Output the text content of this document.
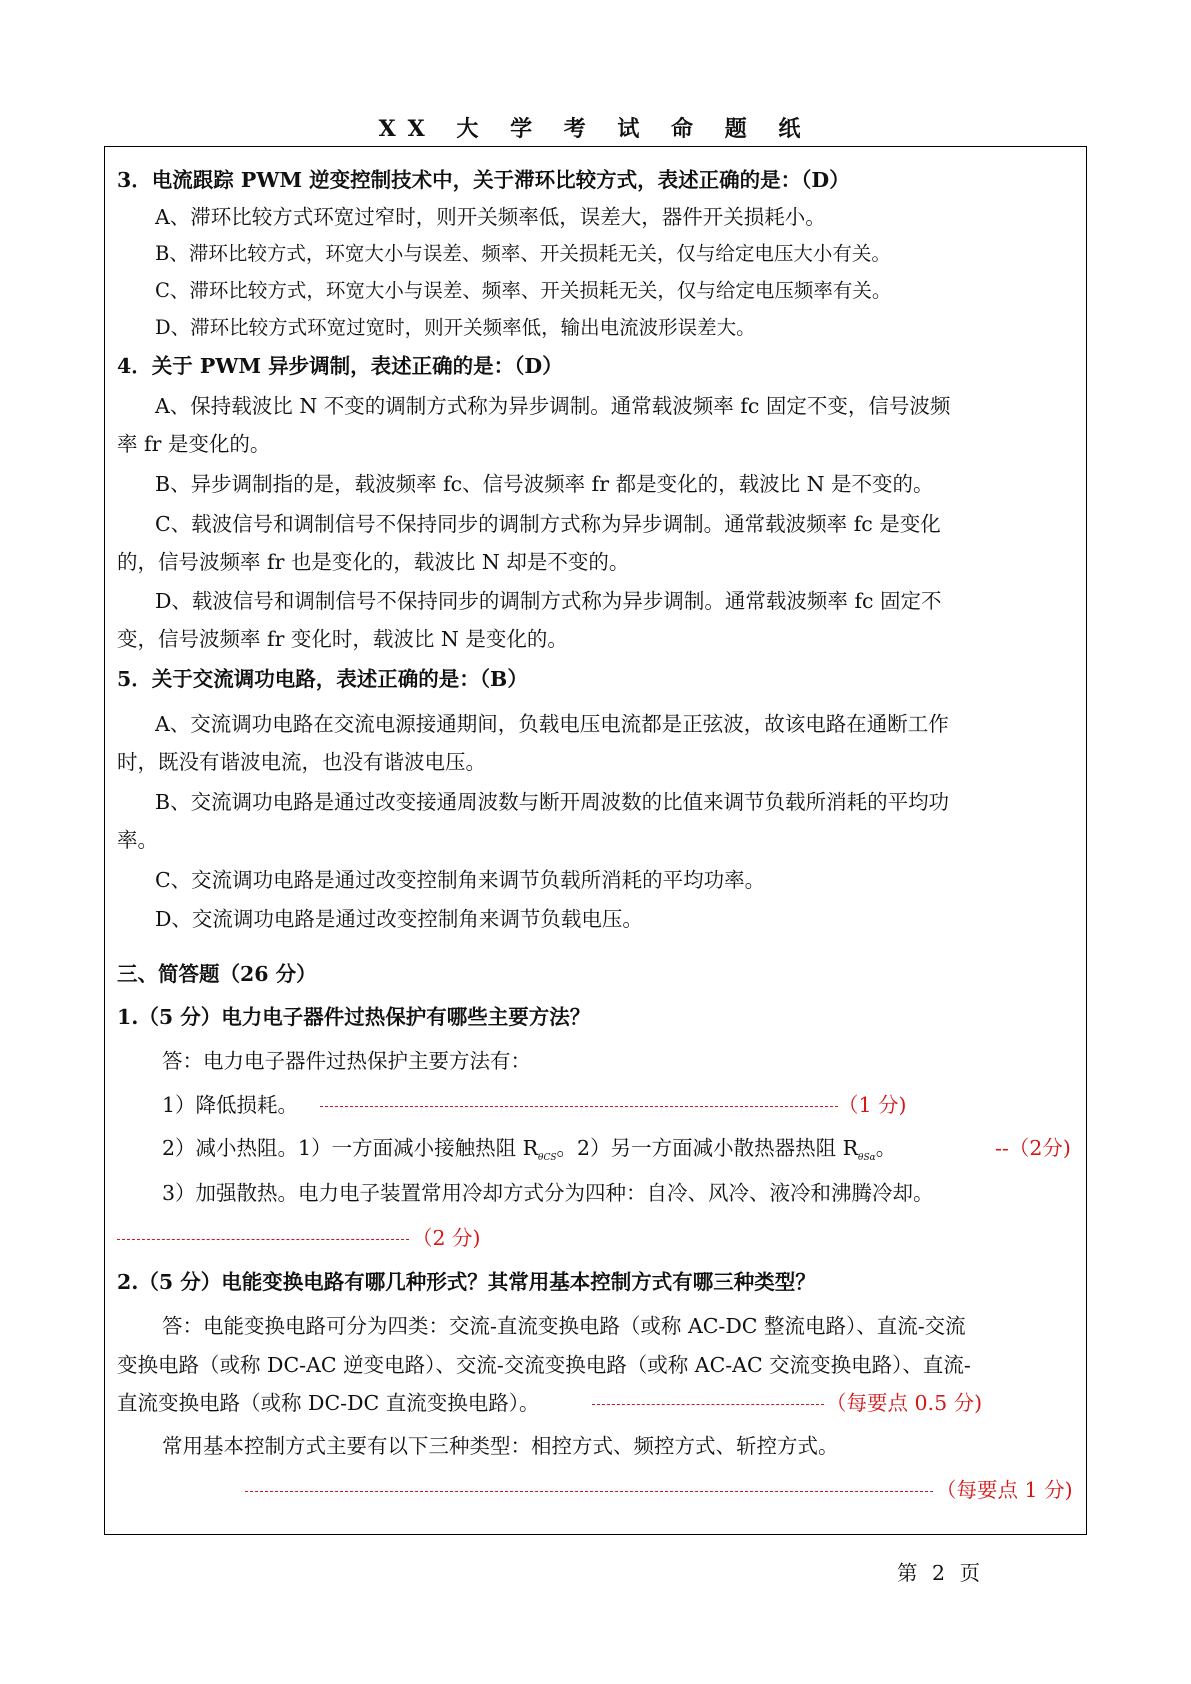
XX 大 学 考 试 命 题 纸
3．电流跟踪 PWM 逆变控制技术中，关于滞环比较方式，表述正确的是：（D）
A、滞环比较方式环宽过窄时，则开关频率低，误差大，器件开关损耗小。
B、滞环比较方式，环宽大小与误差、频率、开关损耗无关，仅与给定电压大小有关。
C、滞环比较方式，环宽大小与误差、频率、开关损耗无关，仅与给定电压频率有关。
D、滞环比较方式环宽过宽时，则开关频率低，输出电流波形误差大。
4．关于 PWM 异步调制，表述正确的是：（D）
A、保持载波比 N 不变的调制方式称为异步调制。通常载波频率 fc 固定不变，信号波频
率 fr 是变化的。
B、异步调制指的是，载波频率 fc、信号波频率 fr 都是变化的，载波比 N 是不变的。
C、载波信号和调制信号不保持同步的调制方式称为异步调制。通常载波频率 fc 是变化
的，信号波频率 fr 也是变化的，载波比 N 却是不变的。
D、载波信号和调制信号不保持同步的调制方式称为异步调制。通常载波频率 fc 固定不
变，信号波频率 fr 变化时，载波比 N 是变化的。
5．关于交流调功电路，表述正确的是：（B）
A、交流调功电路在交流电源接通期间，负载电压电流都是正弦波，故该电路在通断工作
时，既没有谐波电流，也没有谐波电压。
B、交流调功电路是通过改变接通周波数与断开周波数的比值来调节负载所消耗的平均功
率。
C、交流调功电路是通过改变控制角来调节负载所消耗的平均功率。
D、交流调功电路是通过改变控制角来调节负载电压。
三、简答题（26 分）
1.（5 分）电力电子器件过热保护有哪些主要方法？
答：电力电子器件过热保护主要方法有：
1）降低损耗。	（1 分)
2）减小热阻。1）一方面减小接触热阻 $R_{\theta CS}$。2）另一方面减小散热器热阻 $R_{\theta S\alpha}$。	--（2分)
3）加强散热。电力电子装置常用冷却方式分为四种：自冷、风冷、液冷和沸腾冷却。
（2 分)
2.（5 分）电能变换电路有哪几种形式？其常用基本控制方式有哪三种类型？
答：电能变换电路可分为四类：交流-直流变换电路（或称 AC-DC 整流电路）、直流-交流
变换电路（或称 DC-AC 逆变电路）、交流-交流变换电路（或称 AC-AC 交流变换电路）、直流-
直流变换电路（或称 DC-DC 直流变换电路）。	（每要点 0.5 分)
常用基本控制方式主要有以下三种类型：相控方式、频控方式、斩控方式。
（每要点 1 分)
第 2 页
